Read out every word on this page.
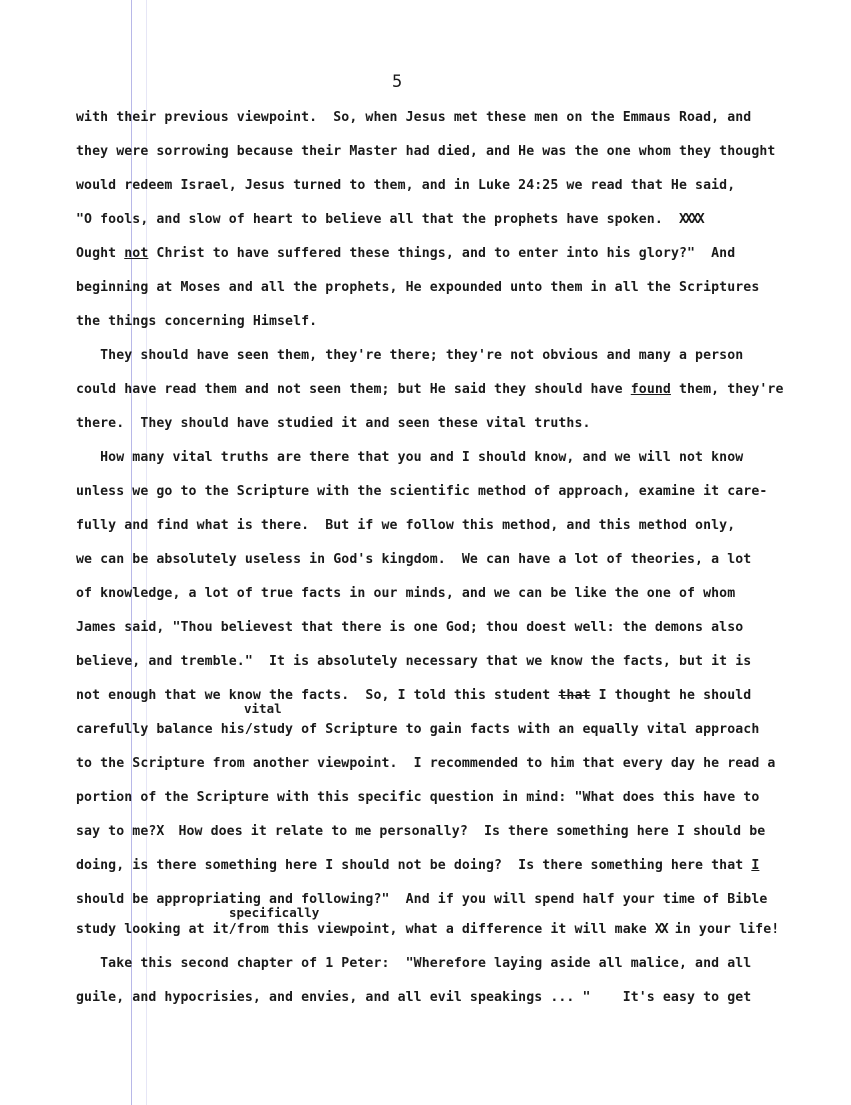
5
with their previous viewpoint.  So, when Jesus met these men on the Emmaus Road, and
they were sorrowing because their Master had died, and He was the one whom they thought
would redeem Israel, Jesus turned to them, and in Luke 24:25 we read that He said,
"O fools, and slow of heart to believe all that the prophets have spoken.  XXXX
Ought not Christ to have suffered these things, and to enter into his glory?"  And
beginning at Moses and all the prophets, He expounded unto them in all the Scriptures
the things concerning Himself.
They should have seen them, they're there; they're not obvious and many a person
could have read them and not seen them; but He said they should have found them, they're
there.  They should have studied it and seen these vital truths.
How many vital truths are there that you and I should know, and we will not know
unless we go to the Scripture with the scientific method of approach, examine it care-
fully and find what is there.  But if we follow this method, and this method only,
we can be absolutely useless in God's kingdom.  We can have a lot of theories, a lot
of knowledge, a lot of true facts in our minds, and we can be like the one of whom
James said, "Thou believest that there is one God; thou doest well: the demons also
believe, and tremble."  It is absolutely necessary that we know the facts, but it is
not enough that we know the facts.  So, I told this student that I thought he should
vital
carefully balance his/study of Scripture to gain facts with an equally vital approach
to the Scripture from another viewpoint.  I recommended to him that every day he read a
portion of the Scripture with this specific question in mind: "What does this have to
say to me?X  How does it relate to me personally?  Is there something here I should be
doing, is there something here I should not be doing?  Is there something here that I
should be appropriating and following?"  And if you will spend half your time of Bible
specifically
study looking at it/from this viewpoint, what a difference it will make XX in your life!
Take this second chapter of 1 Peter:  "Wherefore laying aside all malice, and all
guile, and hypocrisies, and envies, and all evil speakings ... "    It's easy to get
